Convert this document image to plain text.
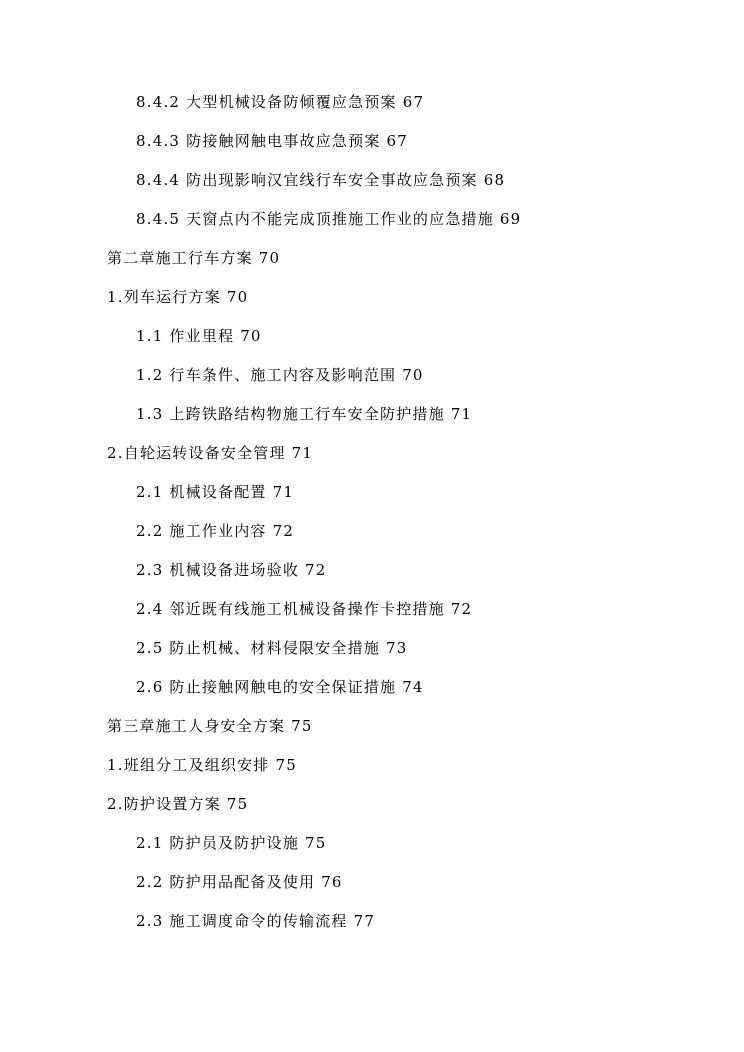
8.4.2 大型机械设备防倾覆应急预案 67
8.4.3 防接触网触电事故应急预案 67
8.4.4 防出现影响汉宜线行车安全事故应急预案 68
8.4.5 天窗点内不能完成顶推施工作业的应急措施 69
第二章施工行车方案 70
1.列车运行方案 70
1.1 作业里程 70
1.2 行车条件、施工内容及影响范围 70
1.3 上跨铁路结构物施工行车安全防护措施 71
2.自轮运转设备安全管理 71
2.1 机械设备配置 71
2.2 施工作业内容 72
2.3 机械设备进场验收 72
2.4 邻近既有线施工机械设备操作卡控措施 72
2.5 防止机械、材料侵限安全措施 73
2.6 防止接触网触电的安全保证措施 74
第三章施工人身安全方案 75
1.班组分工及组织安排 75
2.防护设置方案 75
2.1 防护员及防护设施 75
2.2 防护用品配备及使用 76
2.3 施工调度命令的传输流程 77
